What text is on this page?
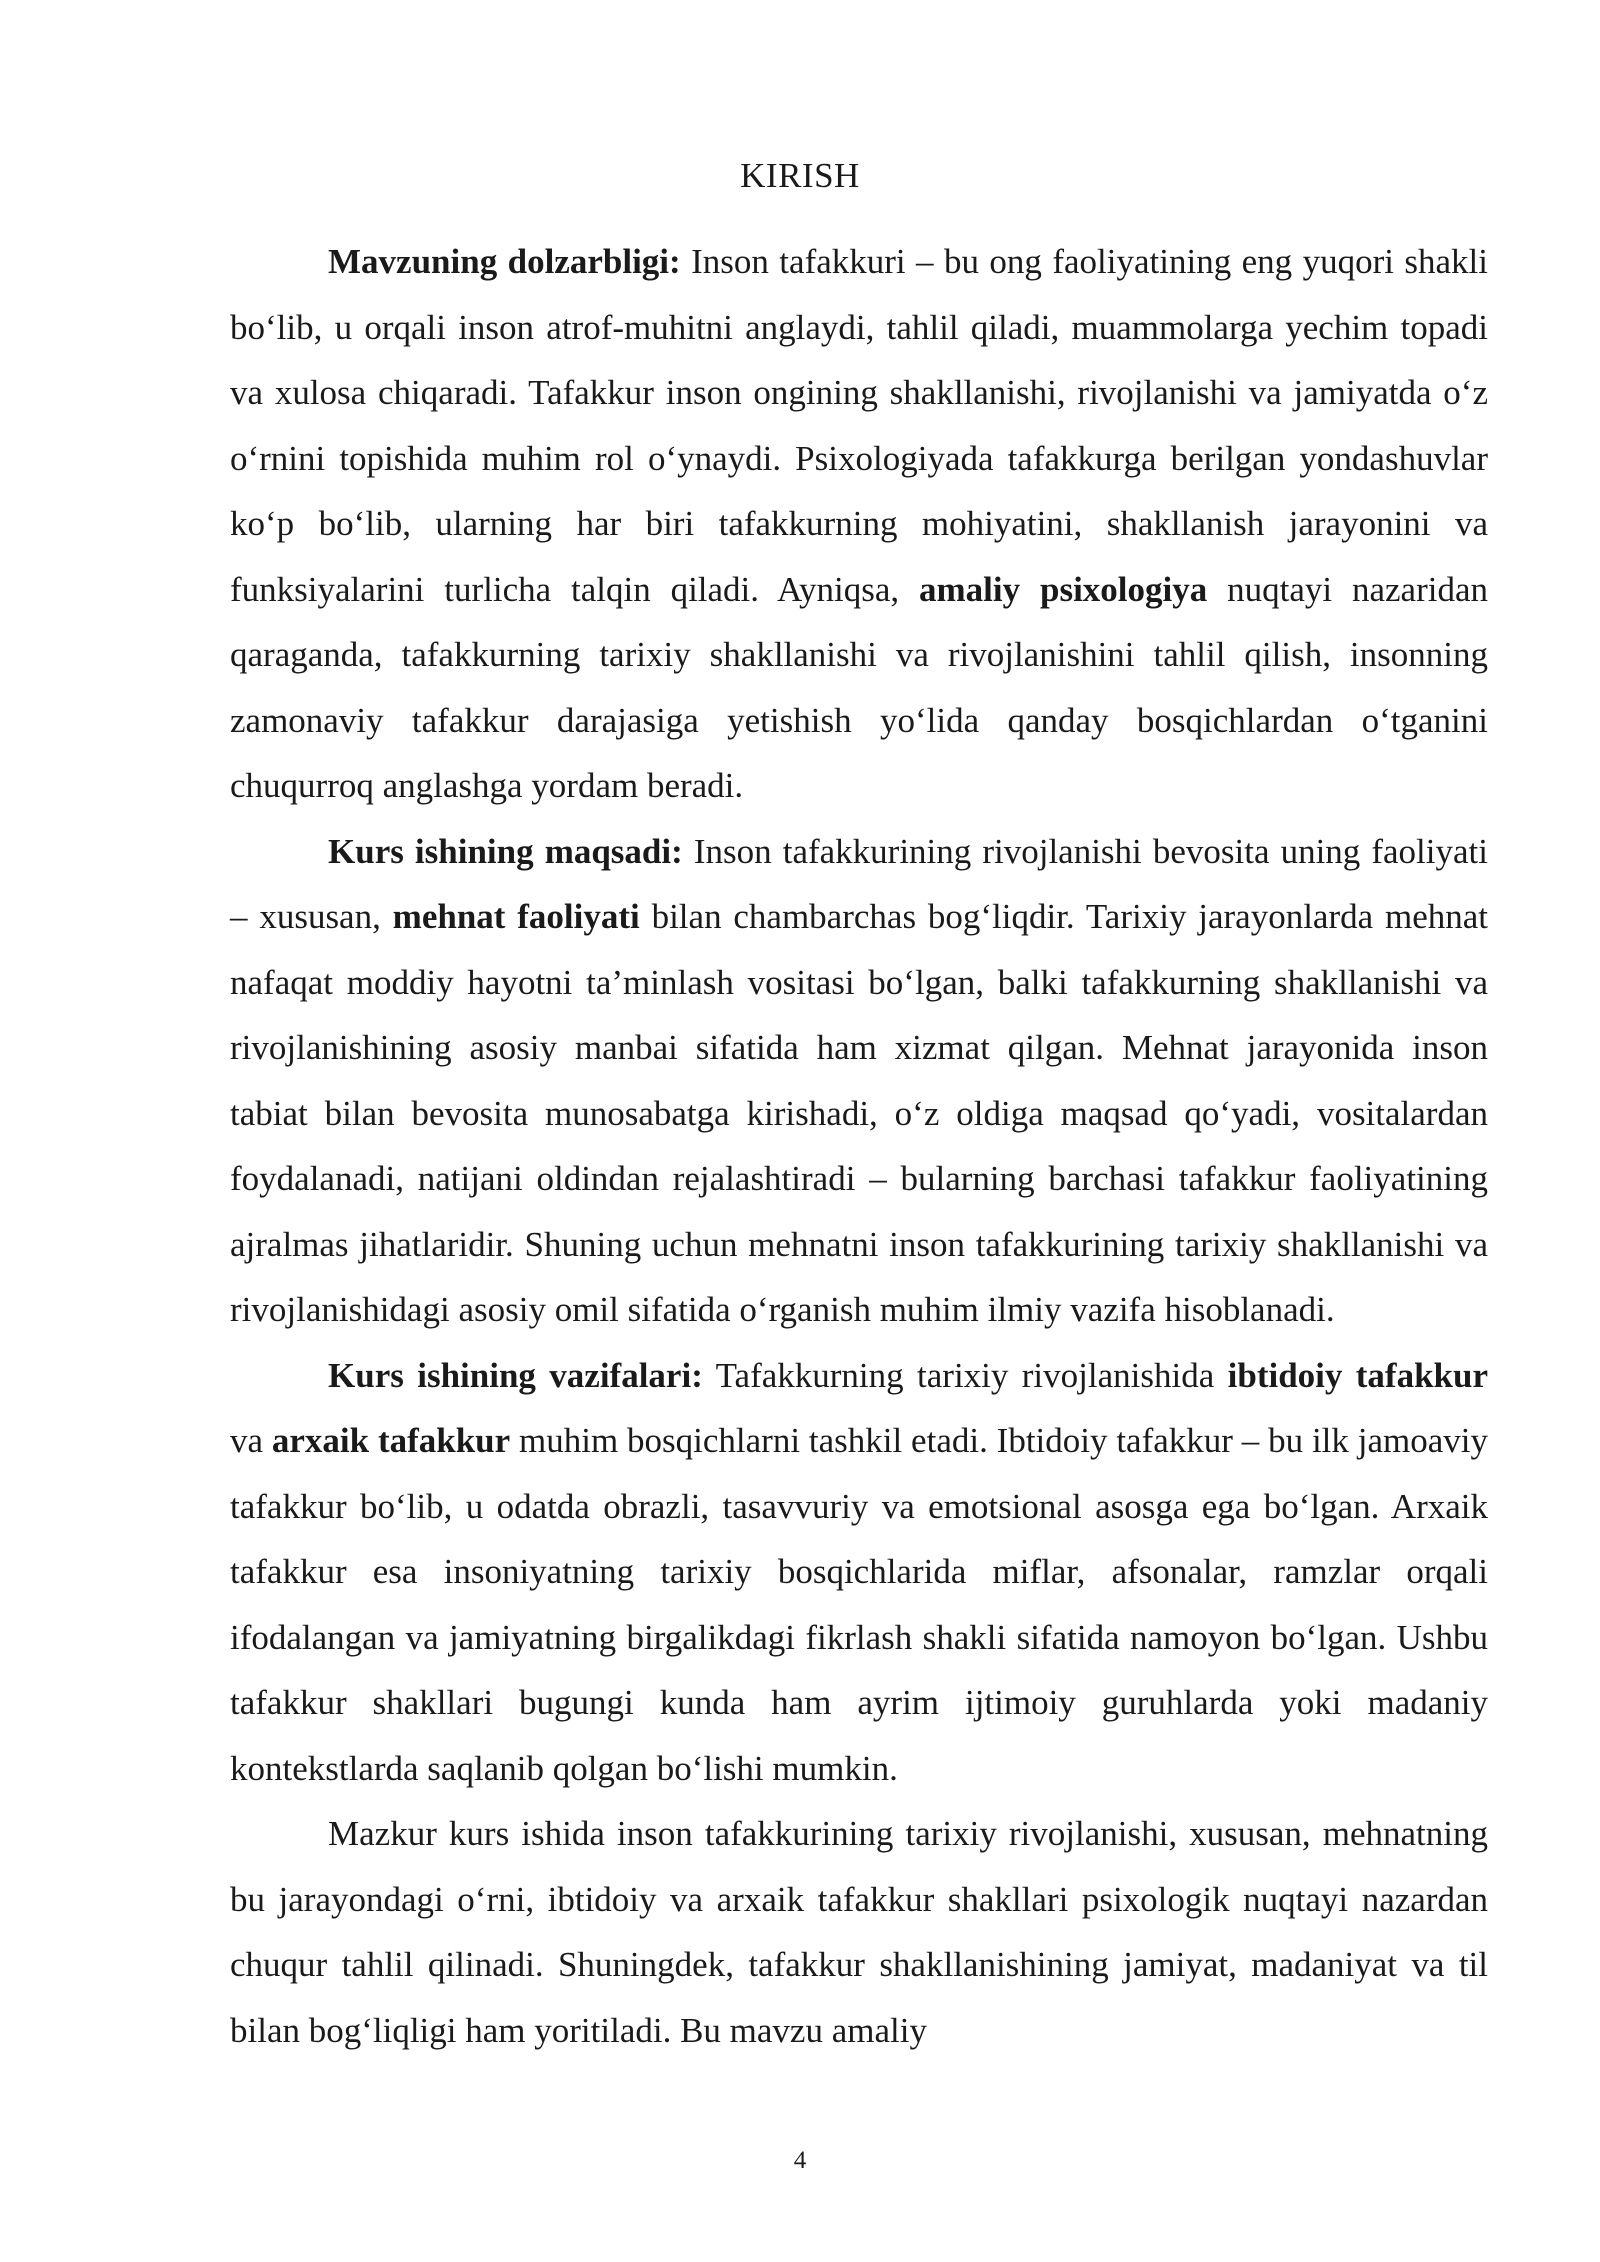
KIRISH

Mavzuning dolzarbligi: Inson tafakkuri – bu ong faoliyatining eng yuqori shakli bo‘lib, u orqali inson atrof-muhitni anglaydi, tahlil qiladi, muammolarga yechim topadi va xulosa chiqaradi. Tafakkur inson ongining shakllanishi, rivojlanishi va jamiyatda o‘z o‘rnini topishida muhim rol o‘ynaydi. Psixologiyada tafakkurga berilgan yondashuvlar ko‘p bo‘lib, ularning har biri tafakkurning mohiyatini, shakllanish jarayonini va funksiyalarini turlicha talqin qiladi. Ayniqsa, amaliy psixologiya nuqtayi nazaridan qaraganda, tafakkurning tarixiy shakllanishi va rivojlanishini tahlil qilish, insonning zamonaviy tafakkur darajasiga yetishish yo‘lida qanday bosqichlardan o‘tganini chuqurroq anglashga yordam beradi.

Kurs ishining maqsadi: Inson tafakkurining rivojlanishi bevosita uning faoliyati – xususan, mehnat faoliyati bilan chambarchas bog‘liqdir. Tarixiy jarayonlarda mehnat nafaqat moddiy hayotni ta’minlash vositasi bo‘lgan, balki tafakkurning shakllanishi va rivojlanishining asosiy manbai sifatida ham xizmat qilgan. Mehnat jarayonida inson tabiat bilan bevosita munosabatga kirishadi, o‘z oldiga maqsad qo‘yadi, vositalardan foydalanadi, natijani oldindan rejalashtiradi – bularning barchasi tafakkur faoliyatining ajralmas jihatlaridir. Shuning uchun mehnatni inson tafakkurining tarixiy shakllanishi va rivojlanishidagi asosiy omil sifatida o‘rganish muhim ilmiy vazifa hisoblanadi.

Kurs ishining vazifalari: Tafakkurning tarixiy rivojlanishida ibtidoiy tafakkur va arxaik tafakkur muhim bosqichlarni tashkil etadi. Ibtidoiy tafakkur – bu ilk jamoaviy tafakkur bo‘lib, u odatda obrazli, tasavvuriy va emotsional asosga ega bo‘lgan. Arxaik tafakkur esa insoniyatning tarixiy bosqichlarida miflar, afsonalar, ramzlar orqali ifodalangan va jamiyatning birgalikdagi fikrlash shakli sifatida namoyon bo‘lgan. Ushbu tafakkur shakllari bugungi kunda ham ayrim ijtimoiy guruhlarda yoki madaniy kontekstlarda saqlanib qolgan bo‘lishi mumkin.

Mazkur kurs ishida inson tafakkurining tarixiy rivojlanishi, xususan, mehnatning bu jarayondagi o‘rni, ibtidoiy va arxaik tafakkur shakllari psixologik nuqtayi nazardan chuqur tahlil qilinadi. Shuningdek, tafakkur shakllanishining jamiyat, madaniyat va til bilan bog‘liqligi ham yoritiladi. Bu mavzu amaliy

4
